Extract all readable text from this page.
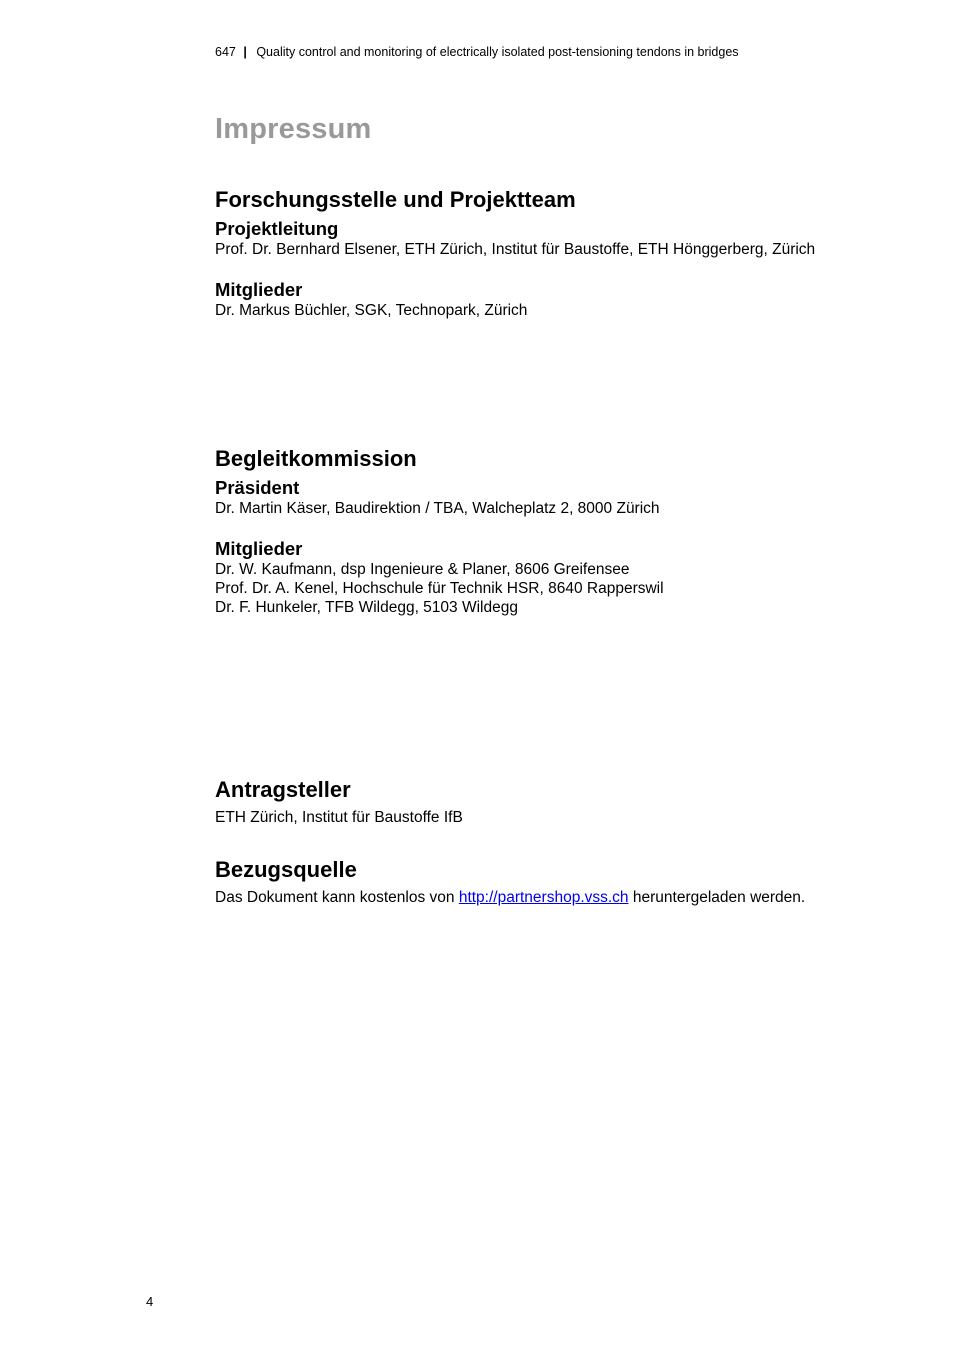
647 | Quality control and monitoring of electrically isolated post-tensioning tendons in bridges
Impressum
Forschungsstelle und Projektteam
Projektleitung

Prof. Dr. Bernhard Elsener, ETH Zürich, Institut für Baustoffe, ETH Hönggerberg, Zürich

Mitglieder

Dr. Markus Büchler, SGK, Technopark, Zürich

Begleitkommission
Präsident

Dr. Martin Käser, Baudirektion / TBA, Walcheplatz 2, 8000 Zürich

Mitglieder

Dr. W. Kaufmann, dsp Ingenieure & Planer, 8606 Greifensee

Prof. Dr. A. Kenel, Hochschule für Technik HSR, 8640 Rapperswil

Dr. F. Hunkeler, TFB Wildegg, 5103 Wildegg

Antragsteller

ETH Zürich, Institut für Baustoffe IfB

Bezugsquelle

Das Dokument kann kostenlos von http://partnershop.vss.ch heruntergeladen werden.

4
